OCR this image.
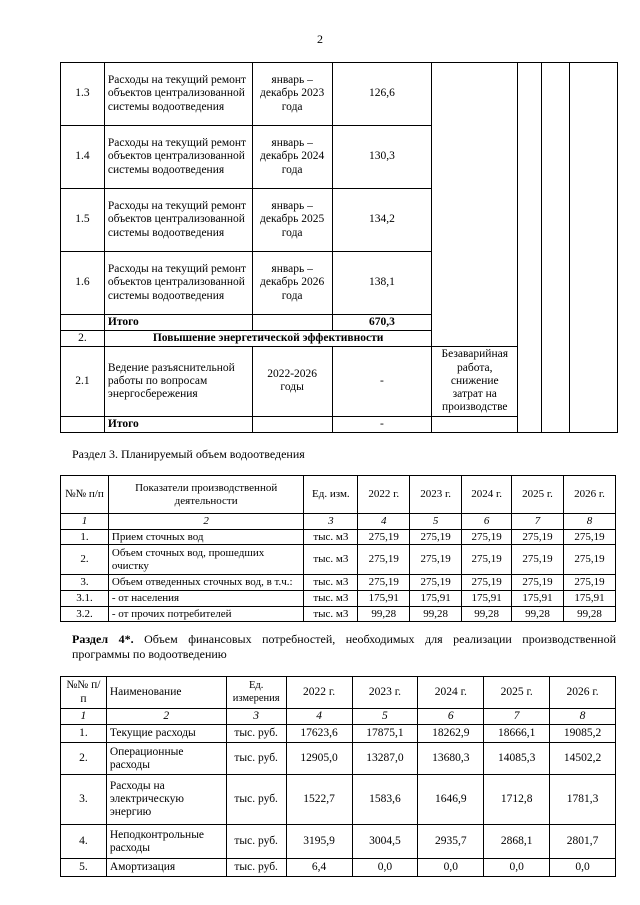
2
1.3	Расходы на текущий ремонт объектов централизованной системы водоотведения	январь – декабрь 2023 года	126,6				
1.4	Расходы на текущий ремонт объектов централизованной системы водоотведения	январь – декабрь 2024 года	130,3				
1.5	Расходы на текущий ремонт объектов централизованной системы водоотведения	январь – декабрь 2025 года	134,2				
1.6	Расходы на текущий ремонт объектов централизованной системы водоотведения	январь – декабрь 2026 года	138,1				
	Итого		670,3				
2.	Повышение энергетической эффективности						
2.1	Ведение разъяснительной работы по вопросам энергосбережения	2022-2026 годы	-	Безаварийная работа, снижение затрат на производстве			
	Итого		-				
Раздел 3. Планируемый объем водоотведения
№№ п/п	Показатели производственной деятельности	Ед. изм.	2022 г.	2023 г.	2024 г.	2025 г.	2026 г.
1	2	3	4	5	6	7	8
1.	Прием сточных вод	тыс. м3	275,19	275,19	275,19	275,19	275,19
2.	Объем сточных вод, прошедших очистку	тыс. м3	275,19	275,19	275,19	275,19	275,19
3.	Объем отведенных сточных вод, в т.ч.:	тыс. м3	275,19	275,19	275,19	275,19	275,19
3.1.	- от населения	тыс. м3	175,91	175,91	175,91	175,91	175,91
3.2.	- от прочих потребителей	тыс. м3	99,28	99,28	99,28	99,28	99,28
Раздел 4*. Объем финансовых потребностей, необходимых для реализации производственной программы по водоотведению
№№ п/п	Наименование	Ед. измерения	2022 г.	2023 г.	2024 г.	2025 г.	2026 г.
1	2	3	4	5	6	7	8
1.	Текущие расходы	тыс. руб.	17623,6	17875,1	18262,9	18666,1	19085,2
2.	Операционные расходы	тыс. руб.	12905,0	13287,0	13680,3	14085,3	14502,2
3.	Расходы на электрическую энергию	тыс. руб.	1522,7	1583,6	1646,9	1712,8	1781,3
4.	Неподконтрольные расходы	тыс. руб.	3195,9	3004,5	2935,7	2868,1	2801,7
5.	Амортизация	тыс. руб.	6,4	0,0	0,0	0,0	0,0
